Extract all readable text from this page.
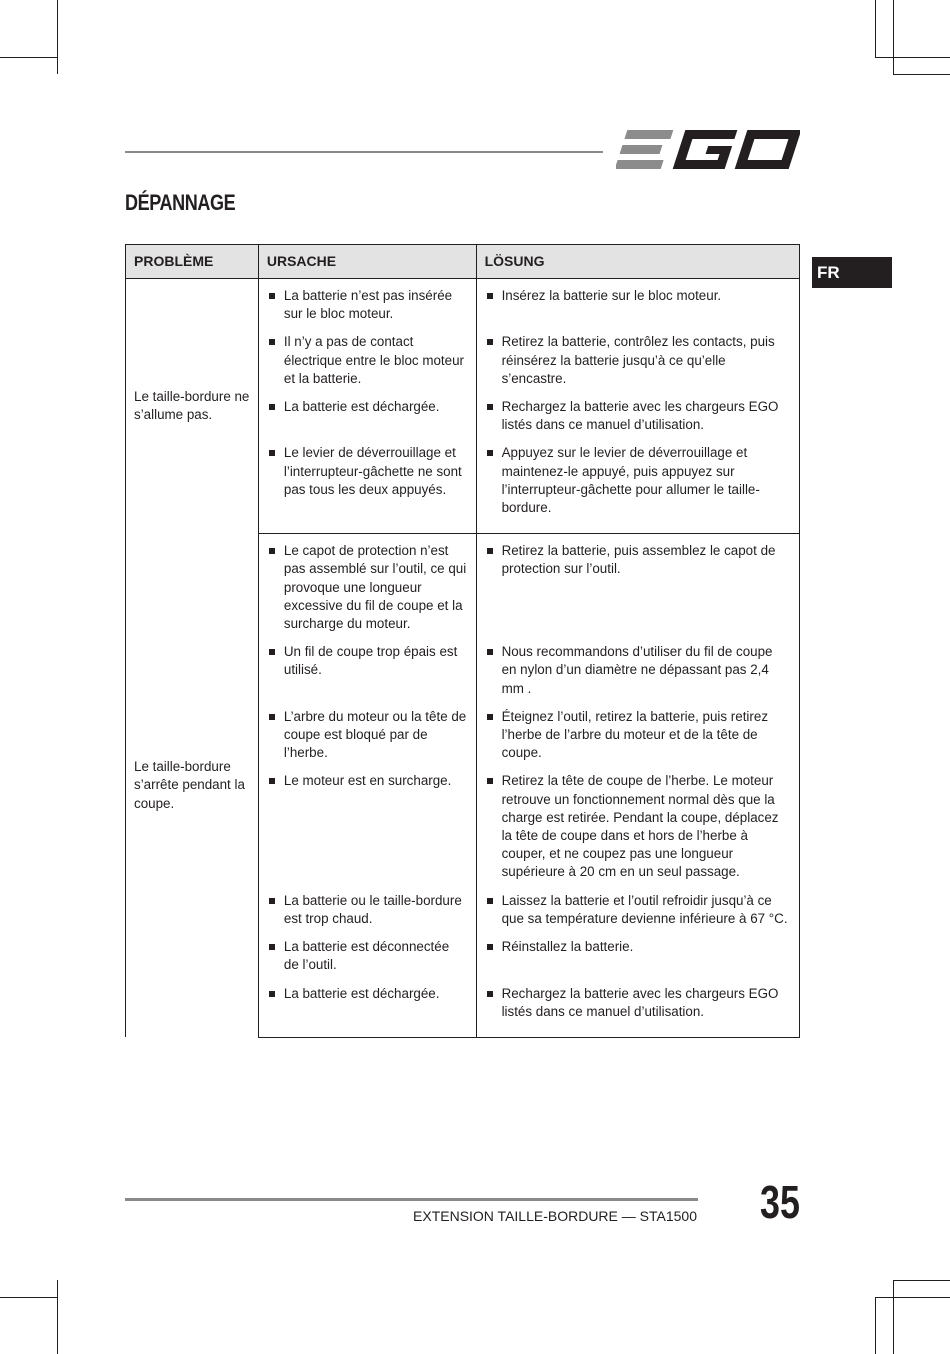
DÉPANNAGE
FR
PROBLÈME	URSACHE	LÖSUNG
Le taille-bordure ne s’allume pas.	La batterie n’est pas insérée sur le bloc moteur.	Insérez la batterie sur le bloc moteur.

	Il n’y a pas de contact électrique entre le bloc moteur et la batterie.	Retirez la batterie, contrôlez les contacts, puis réinsérez la batterie jusqu’à ce qu’elle s’encastre.

	La batterie est déchargée.	Rechargez la batterie avec les chargeurs EGO listés dans ce manuel d’utilisation.

	Le levier de déverrouillage et l’interrupteur-gâchette ne sont pas tous les deux appuyés.	Appuyez sur le levier de déverrouillage et maintenez-le appuyé, puis appuyez sur l’interrupteur-gâchette pour allumer le taille-bordure.

Le taille-bordure s’arrête pendant la coupe.	Le capot de protection n’est pas assemblé sur l’outil, ce qui provoque une longueur excessive du fil de coupe et la surcharge du moteur.	Retirez la batterie, puis assemblez le capot de protection sur l’outil.

	Un fil de coupe trop épais est utilisé.	Nous recommandons d’utiliser du fil de coupe en nylon d’un diamètre ne dépassant pas 2,4 mm .

	L’arbre du moteur ou la tête de coupe est bloqué par de l’herbe.	Éteignez l’outil, retirez la batterie, puis retirez l’herbe de l’arbre du moteur et de la tête de coupe.

	Le moteur est en surcharge.	Retirez la tête de coupe de l’herbe. Le moteur retrouve un fonctionnement normal dès que la charge est retirée. Pendant la coupe, déplacez la tête de coupe dans et hors de l’herbe à couper, et ne coupez pas une longueur supérieure à 20 cm en un seul passage.

	La batterie ou le taille-bordure est trop chaud.	Laissez la batterie et l’outil refroidir jusqu’à ce que sa température devienne inférieure à 67 °C.

	La batterie est déconnectée de l’outil.	Réinstallez la batterie.

	La batterie est déchargée.	Rechargez la batterie avec les chargeurs EGO listés dans ce manuel d’utilisation.
EXTENSION TAILLE-BORDURE — STA1500 35
